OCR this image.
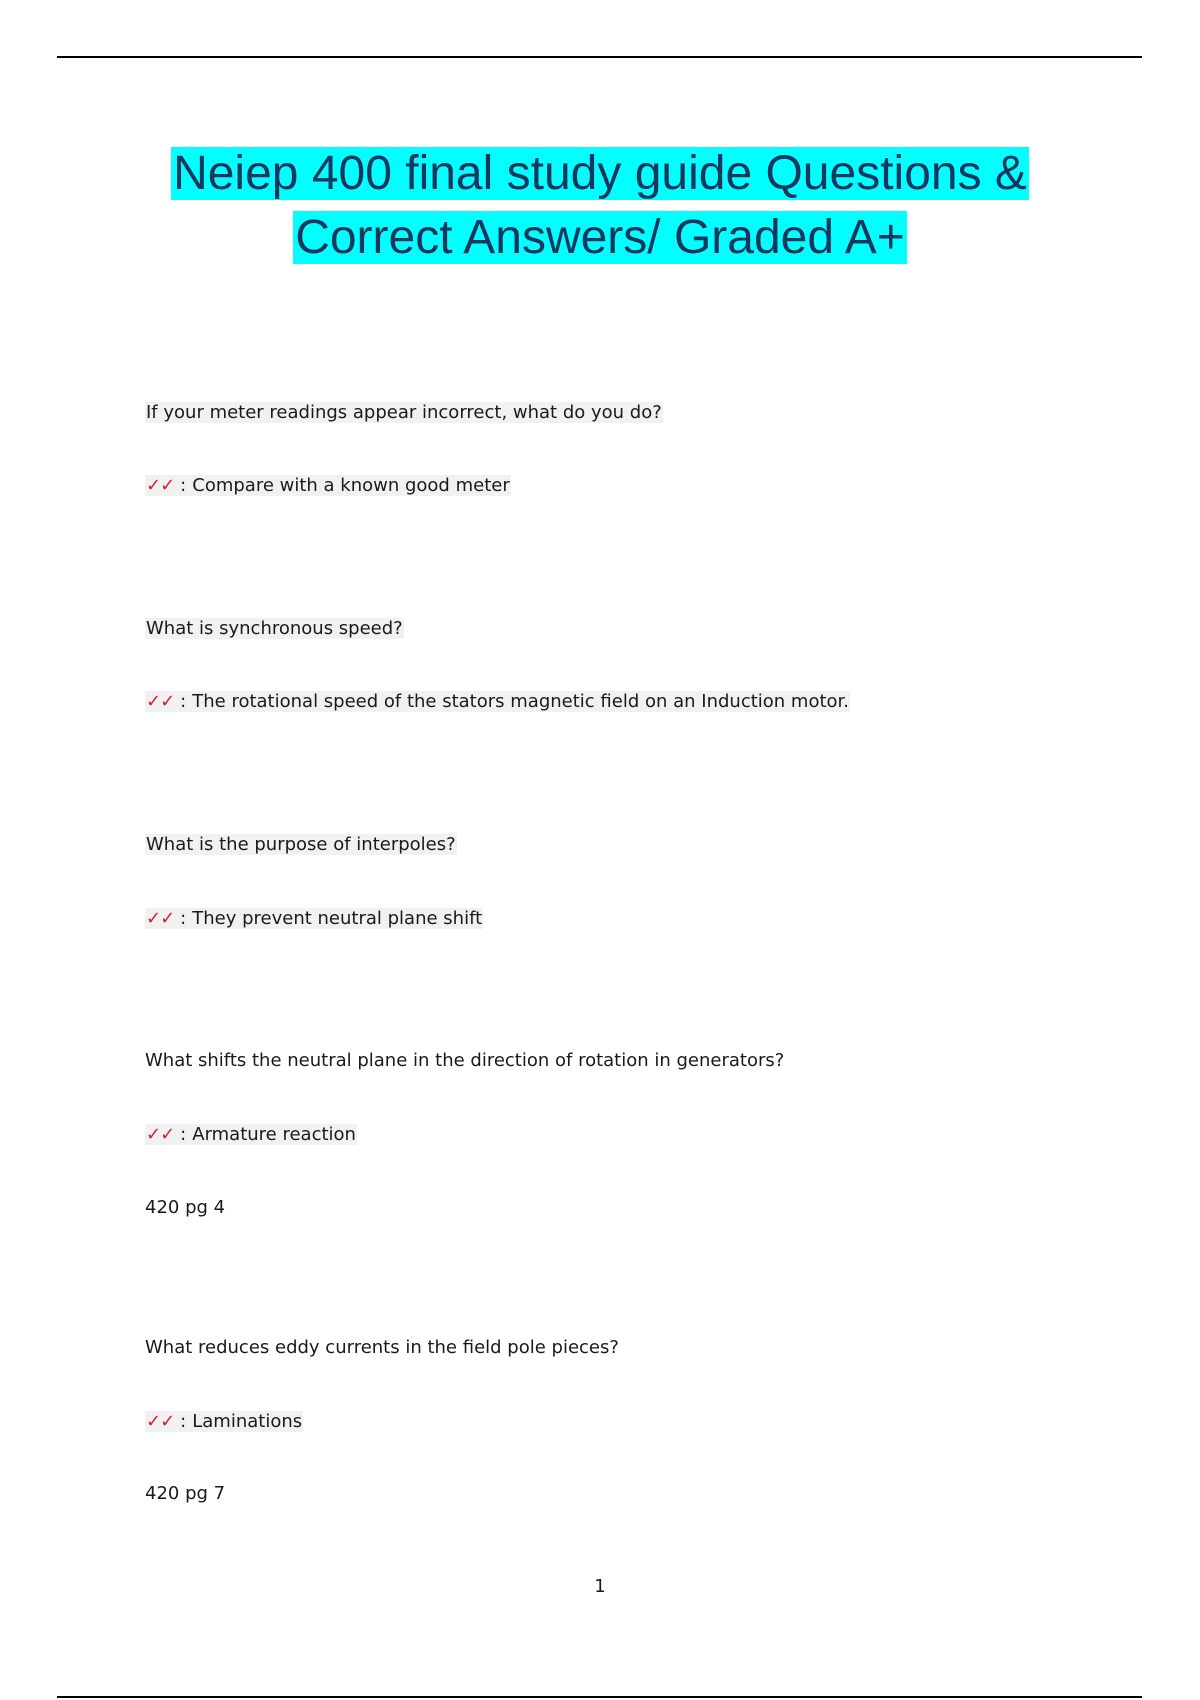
Neiep 400 final study guide Questions &
Correct Answers/ Graded A+
If your meter readings appear incorrect, what do you do?
✓✓ : Compare with a known good meter
What is synchronous speed?
✓✓ : The rotational speed of the stators magnetic field on an Induction motor.
What is the purpose of interpoles?
✓✓ : They prevent neutral plane shift
What shifts the neutral plane in the direction of rotation in generators?
✓✓ : Armature reaction
420 pg 4
What reduces eddy currents in the field pole pieces?
✓✓ : Laminations
420 pg 7
1
